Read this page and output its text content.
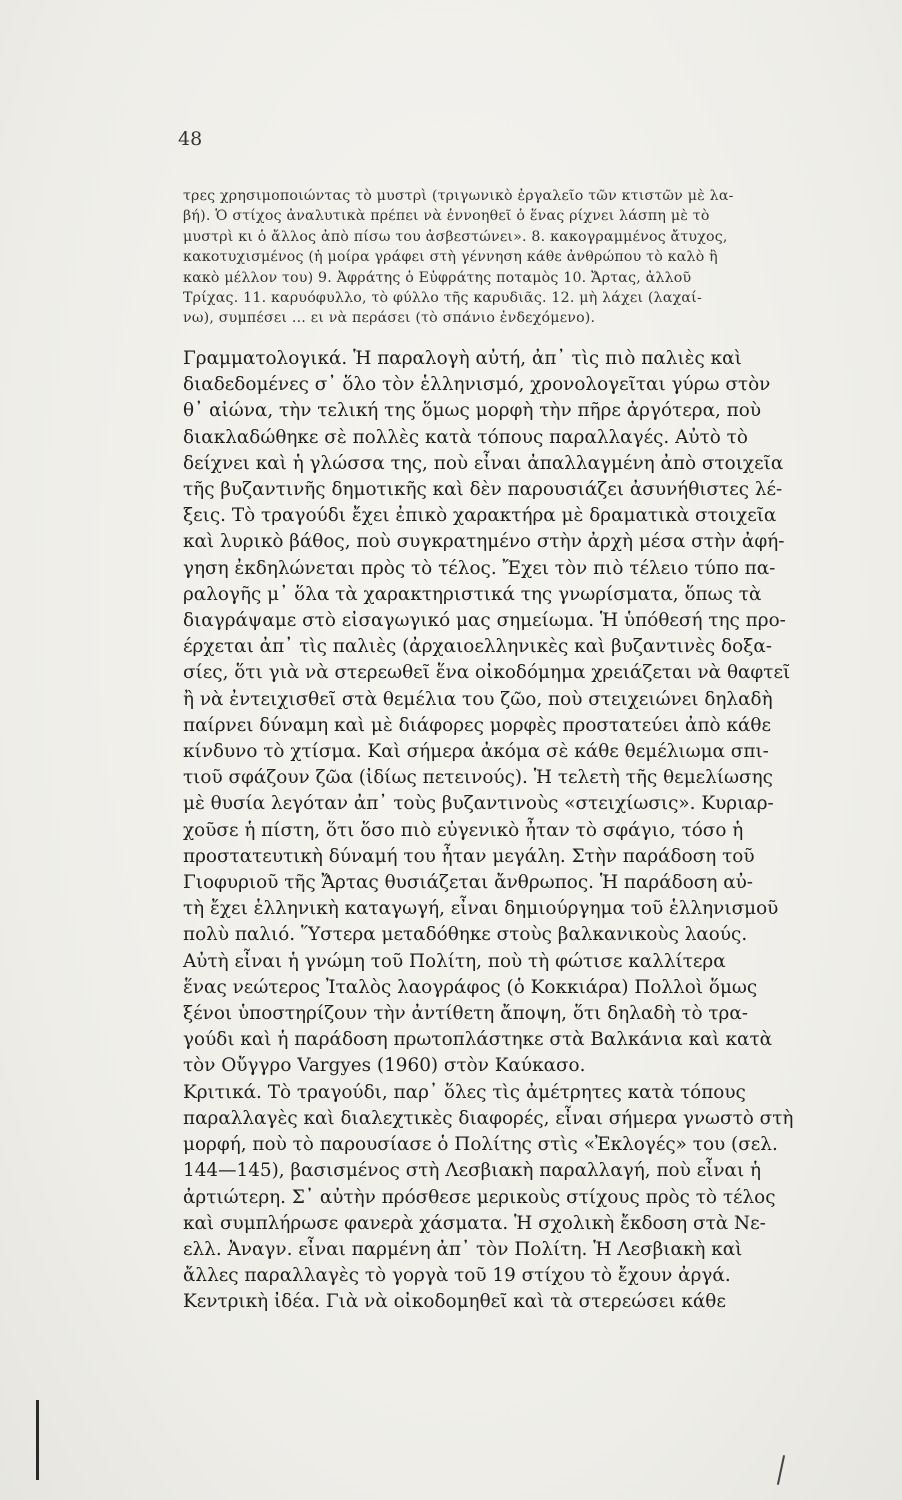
48
τρες χρησιμοποιώντας τὸ μυστρὶ (τριγωνικὸ ἐργαλεῖο τῶν κτιστῶν μὲ λα-
βή). Ὁ στίχος ἀναλυτικὰ πρέπει νὰ ἐννοηθεῖ ὁ ἕνας ρίχνει λάσπη μὲ τὸ
μυστρὶ κι ὁ ἄλλος ἀπὸ πίσω του ἀσβεστώνει». 8. κακογραμμένος ἄτυχος,
κακοτυχισμένος (ἡ μοίρα γράφει στὴ γέννηση κάθε ἀνθρώπου τὸ καλὸ ἢ
κακὸ μέλλον του) 9. Ἀφράτης ὁ Εὐφράτης ποταμὸς 10. Ἄρτας, ἀλλοῦ
Τρίχας. 11. καρυόφυλλο, τὸ φύλλο τῆς καρυδιᾶς. 12. μὴ λάχει (λαχαί-
νω), συμπέσει ... ει νὰ περάσει (τὸ σπάνιο ἐνδεχόμενο).
Γραμματολογικά. Ἡ παραλογὴ αὐτή, ἀπ᾽ τὶς πιὸ παλιὲς καὶ
διαδεδομένες σ᾽ ὅλο τὸν ἑλληνισμό, χρονολογεῖται γύρω στὸν
θ᾽ αἰώνα, τὴν τελική της ὅμως μορφὴ τὴν πῆρε ἀργότερα, ποὺ
διακλαδώθηκε σὲ πολλὲς κατὰ τόπους παραλλαγές. Αὐτὸ τὸ
δείχνει καὶ ἡ γλώσσα της, ποὺ εἶναι ἀπαλλαγμένη ἀπὸ στοιχεῖα
τῆς βυζαντινῆς δημοτικῆς καὶ δὲν παρουσιάζει ἀσυνήθιστες λέ-
ξεις. Τὸ τραγούδι ἔχει ἐπικὸ χαρακτήρα μὲ δραματικὰ στοιχεῖα
καὶ λυρικὸ βάθος, ποὺ συγκρατημένο στὴν ἀρχὴ μέσα στὴν ἀφή-
γηση ἐκδηλώνεται πρὸς τὸ τέλος. Ἔχει τὸν πιὸ τέλειο τύπο πα-
ραλογῆς μ᾽ ὅλα τὰ χαρακτηριστικά της γνωρίσματα, ὅπως τὰ
διαγράψαμε στὸ εἰσαγωγικό μας σημείωμα. Ἡ ὑπόθεσή της προ-
έρχεται ἀπ᾽ τὶς παλιὲς (ἀρχαιοελληνικὲς καὶ βυζαντινὲς δοξα-
σίες, ὅτι γιὰ νὰ στερεωθεῖ ἕνα οἰκοδόμημα χρειάζεται νὰ θαφτεῖ
ἢ νὰ ἐντειχισθεῖ στὰ θεμέλια του ζῶο, ποὺ στειχειώνει δηλαδὴ
παίρνει δύναμη καὶ μὲ διάφορες μορφὲς προστατεύει ἀπὸ κάθε
κίνδυνο τὸ χτίσμα. Καὶ σήμερα ἀκόμα σὲ κάθε θεμέλιωμα σπι-
τιοῦ σφάζουν ζῶα (ἰδίως πετεινούς). Ἡ τελετὴ τῆς θεμελίωσης
μὲ θυσία λεγόταν ἀπ᾽ τοὺς βυζαντινοὺς «στειχίωσις». Κυριαρ-
χοῦσε ἡ πίστη, ὅτι ὅσο πιὸ εὐγενικὸ ἦταν τὸ σφάγιο, τόσο ἡ
προστατευτικὴ δύναμή του ἦταν μεγάλη. Στὴν παράδοση τοῦ
Γιοφυριοῦ τῆς Ἄρτας θυσιάζεται ἄνθρωπος. Ἡ παράδοση αὐ-
τὴ ἔχει ἑλληνικὴ καταγωγή, εἶναι δημιούργημα τοῦ ἑλληνισμοῦ
πολὺ παλιό. Ὕστερα μεταδόθηκε στοὺς βαλκανικοὺς λαούς.
Αὐτὴ εἶναι ἡ γνώμη τοῦ Πολίτη, ποὺ τὴ φώτισε καλλίτερα
ἕνας νεώτερος Ἰταλὸς λαογράφος (ὁ Κοκκιάρα) Πολλοὶ ὅμως
ξένοι ὑποστηρίζουν τὴν ἀντίθετη ἄποψη, ὅτι δηλαδὴ τὸ τρα-
γούδι καὶ ἡ παράδοση πρωτοπλάστηκε στὰ Βαλκάνια καὶ κατὰ
τὸν Οὔγγρο Vargyes (1960) στὸν Καύκασο.
Κριτικά. Τὸ τραγούδι, παρ᾽ ὅλες τὶς ἀμέτρητες κατὰ τόπους
παραλλαγὲς καὶ διαλεχτικὲς διαφορές, εἶναι σήμερα γνωστὸ στὴ
μορφή, ποὺ τὸ παρουσίασε ὁ Πολίτης στὶς «Ἐκλογές» του (σελ.
144—145), βασισμένος στὴ Λεσβιακὴ παραλλαγή, ποὺ εἶναι ἡ
ἀρτιώτερη. Σ᾽ αὐτὴν πρόσθεσε μερικοὺς στίχους πρὸς τὸ τέλος
καὶ συμπλήρωσε φανερὰ χάσματα. Ἡ σχολικὴ ἔκδοση στὰ Νε-
ελλ. Ἀναγν. εἶναι παρμένη ἀπ᾽ τὸν Πολίτη. Ἡ Λεσβιακὴ καὶ
ἄλλες παραλλαγὲς τὸ γοργὰ τοῦ 19 στίχου τὸ ἔχουν ἀργά.
Κεντρικὴ ἰδέα. Γιὰ νὰ οἰκοδομηθεῖ καὶ τὰ στερεώσει κάθε
